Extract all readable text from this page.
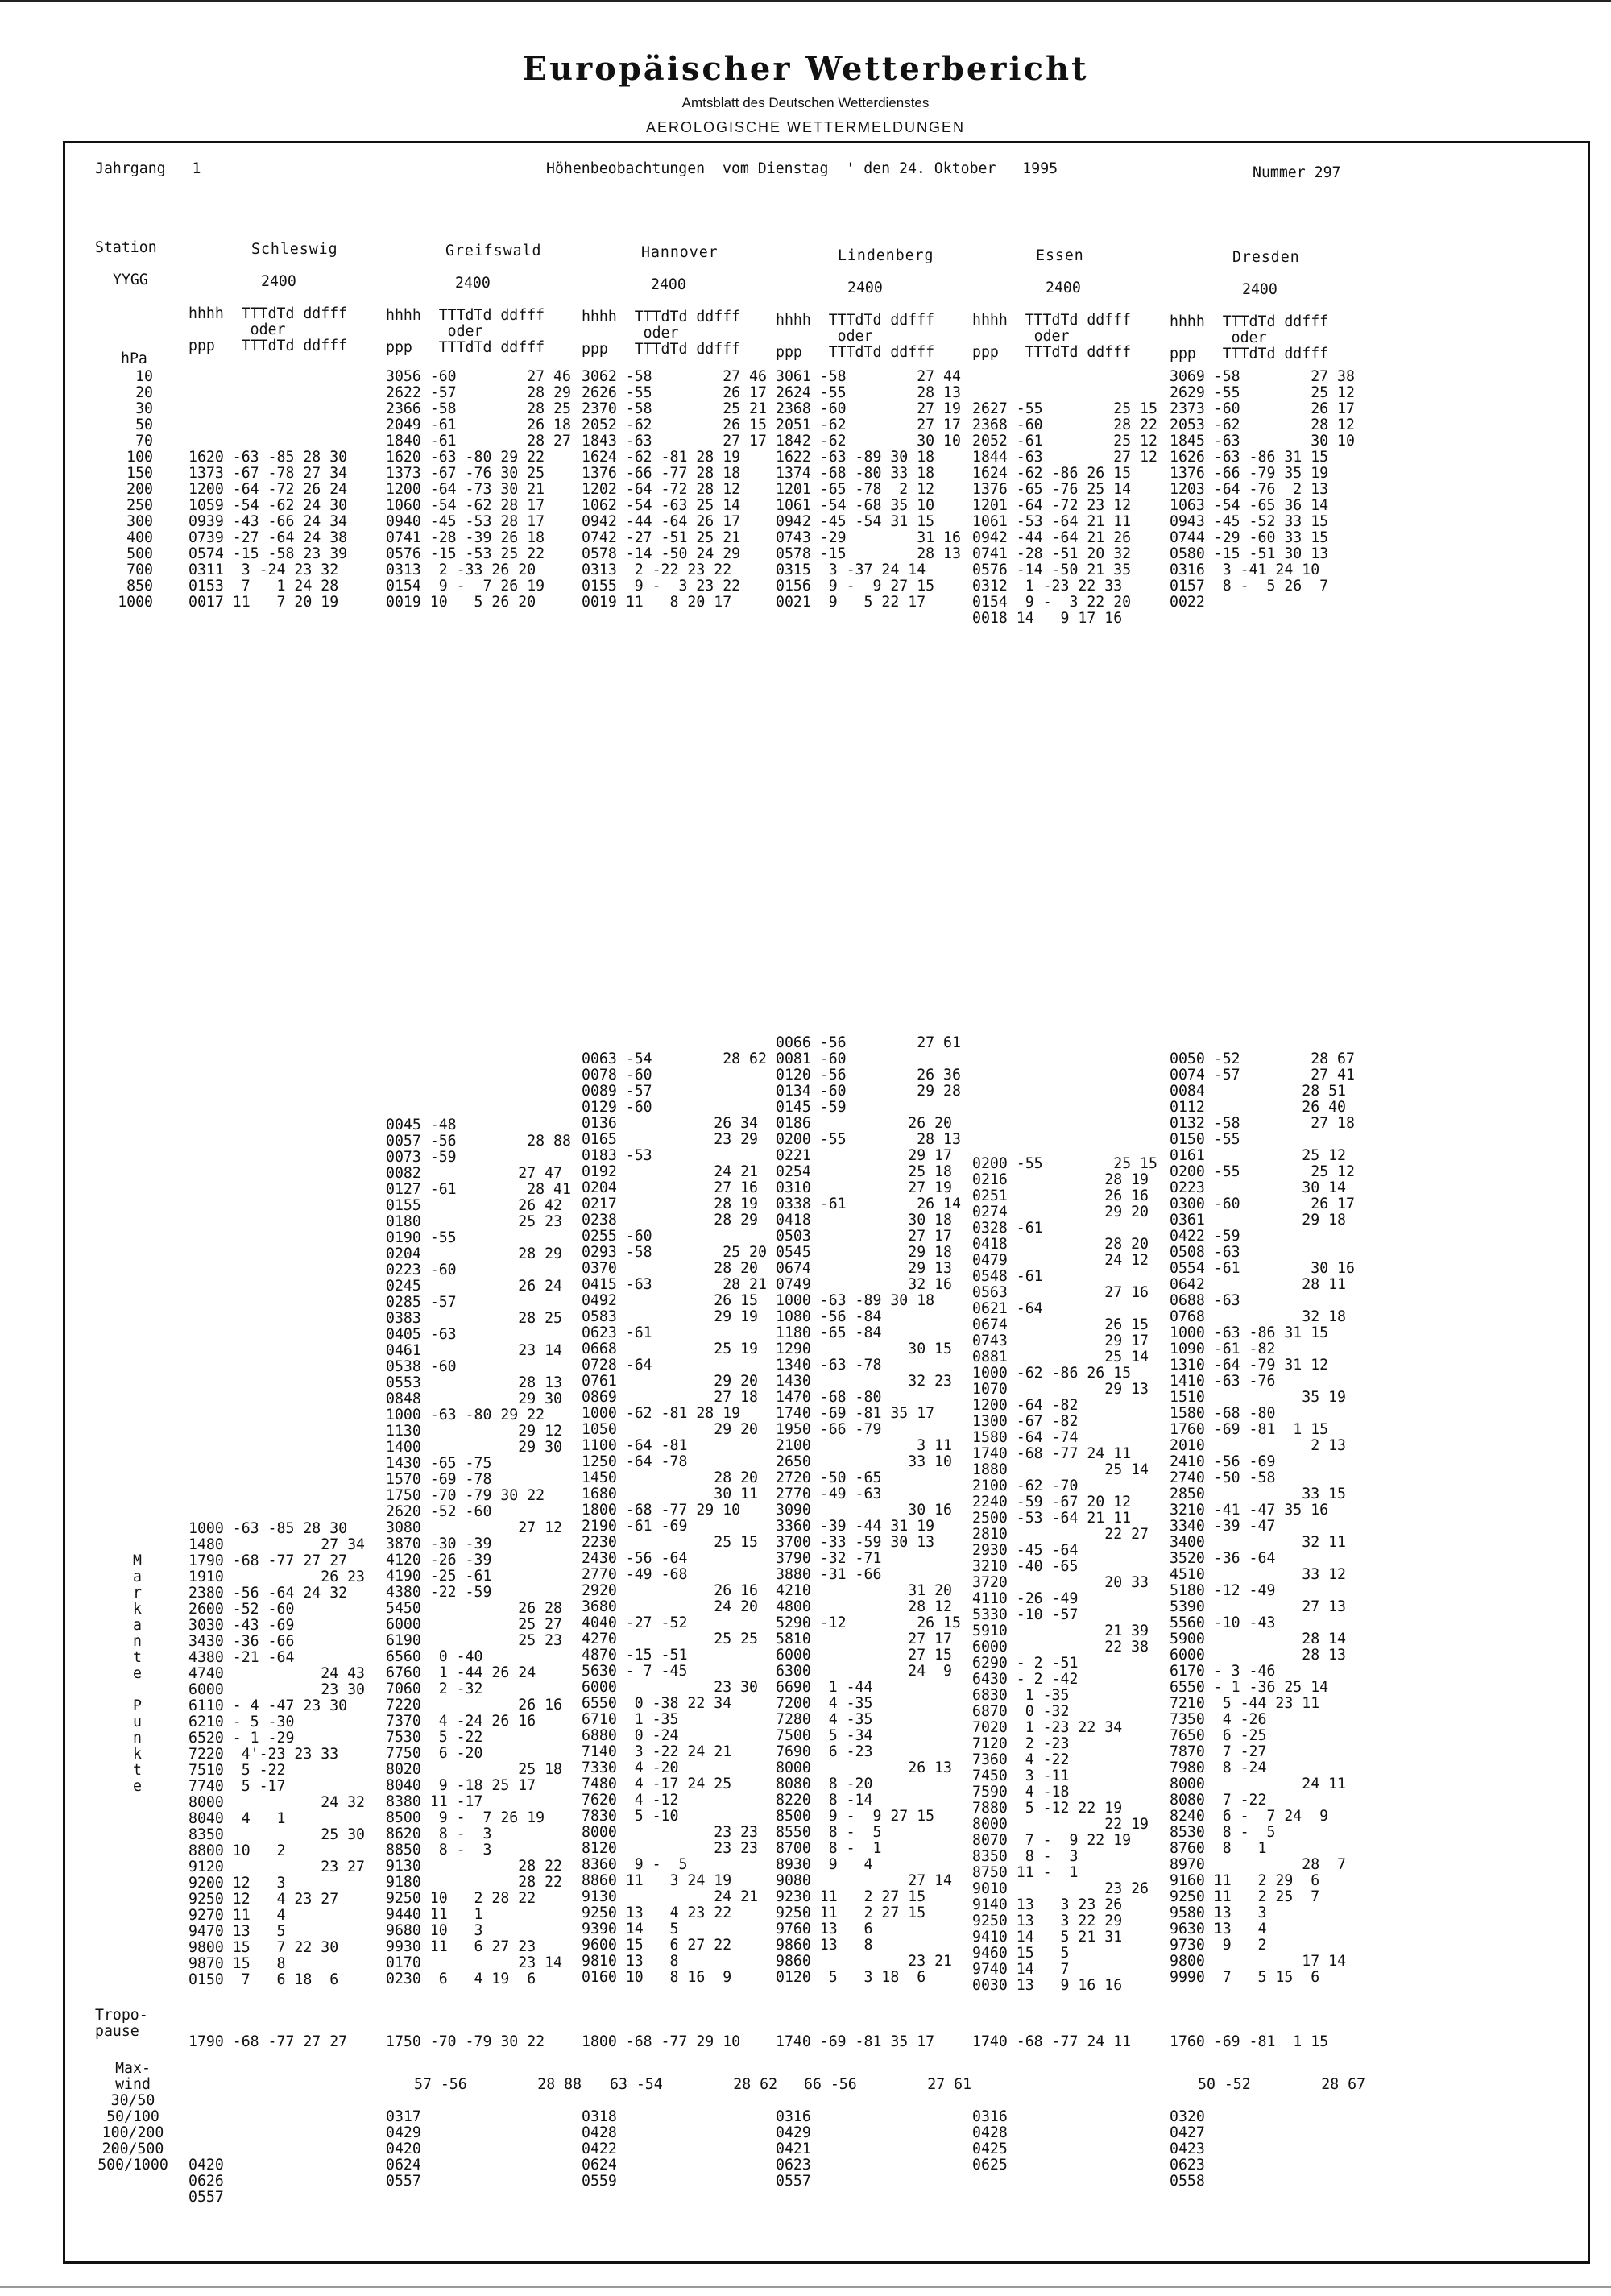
Europäischer Wetterbericht
Amtsblatt des Deutschen Wetterdienstes
AEROLOGISCHE WETTERMELDUNGEN
Jahrgang   1	Höhenbeobachtungen  vom Dienstag  ' den 24. Oktober   1995	Nummer 297
Station
YYGG
hPa
10
20
30
50
70
100
150
200
250
300
400
500
700
850
1000
M
a
r
k
a
n
t
e
P
u
n
k
t
e
Tropo-
pause
Max-
wind
30/50
50/100
100/200
200/500
500/1000
Schleswig
2400
hhhh  TTTdTd ddfff
oder
ppp   TTTdTd ddfff
1620 -63 -85 28 30
1373 -67 -78 27 34
1200 -64 -72 26 24
1059 -54 -62 24 30
0939 -43 -66 24 34
0739 -27 -64 24 38
0574 -15 -58 23 39
0311  3 -24 23 32
0153  7   1 24 28
0017 11   7 20 19
1000 -63 -85 28 30
1480           27 34
1790 -68 -77 27 27
1910           26 23
2380 -56 -64 24 32
2600 -52 -60
3030 -43 -69
3430 -36 -66
4380 -21 -64
4740           24 43
6000           23 30
6110 - 4 -47 23 30
6210 - 5 -30
6520 - 1 -29
7220  4'-23 23 33
7510  5 -22
7740  5 -17
8000           24 32
8040  4   1
8350           25 30
8800 10   2
9120           23 27
9200 12   3
9250 12   4 23 27
9270 11   4
9470 13   5
9800 15   7 22 30
9870 15   8
0150  7   6 18  6
1790 -68 -77 27 27
0420
0626
0557
Greifswald
2400
hhhh  TTTdTd ddfff
oder
ppp   TTTdTd ddfff
3056 -60        27 46
2622 -57        28 29
2366 -58        28 25
2049 -61        26 18
1840 -61        28 27
1620 -63 -80 29 22
1373 -67 -76 30 25
1200 -64 -73 30 21
1060 -54 -62 28 17
0940 -45 -53 28 17
0741 -28 -39 26 18
0576 -15 -53 25 22
0313  2 -33 26 20
0154  9 -  7 26 19
0019 10   5 26 20
0045 -48
0057 -56        28 88
0073 -59
0082           27 47
0127 -61        28 41
0155           26 42
0180           25 23
0190 -55
0204           28 29
0223 -60
0245           26 24
0285 -57
0383           28 25
0405 -63
0461           23 14
0538 -60
0553           28 13
0848           29 30
1000 -63 -80 29 22
1130           29 12
1400           29 30
1430 -65 -75
1570 -69 -78
1750 -70 -79 30 22
2620 -52 -60
3080           27 12
3870 -30 -39
4120 -26 -39
4190 -25 -61
4380 -22 -59
5450           26 28
6000           25 27
6190           25 23
6560  0 -40
6760  1 -44 26 24
7060  2 -32
7220           26 16
7370  4 -24 26 16
7530  5 -22
7750  6 -20
8020           25 18
8040  9 -18 25 17
8380 11 -17
8500  9 -  7 26 19
8620  8 -  3
8850  8 -  3
9130           28 22
9180           28 22
9250 10   2 28 22
9440 11   1
9680 10   3
9930 11   6 27 23
0170           23 14
0230  6   4 19  6
1750 -70 -79 30 22
57 -56        28 88
0317
0429
0420
0624
0557
Hannover
2400
hhhh  TTTdTd ddfff
oder
ppp   TTTdTd ddfff
3062 -58        27 46
2626 -55        26 17
2370 -58        25 21
2052 -62        26 15
1843 -63        27 17
1624 -62 -81 28 19
1376 -66 -77 28 18
1202 -64 -72 28 12
1062 -54 -63 25 14
0942 -44 -64 26 17
0742 -27 -51 25 21
0578 -14 -50 24 29
0313  2 -22 23 22
0155  9 -  3 23 22
0019 11   8 20 17
0063 -54        28 62
0078 -60
0089 -57
0129 -60
0136           26 34
0165           23 29
0183 -53
0192           24 21
0204           27 16
0217           28 19
0238           28 29
0255 -60
0293 -58        25 20
0370           28 20
0415 -63        28 21
0492           26 15
0583           29 19
0623 -61
0668           25 19
0728 -64
0761           29 20
0869           27 18
1000 -62 -81 28 19
1050           29 20
1100 -64 -81
1250 -64 -78
1450           28 20
1680           30 11
1800 -68 -77 29 10
2190 -61 -69
2230           25 15
2430 -56 -64
2770 -49 -68
2920           26 16
3680           24 20
4040 -27 -52
4270           25 25
4870 -15 -51
5630 - 7 -45
6000           23 30
6550  0 -38 22 34
6710  1 -35
6880  0 -24
7140  3 -22 24 21
7330  4 -20
7480  4 -17 24 25
7620  4 -12
7830  5 -10
8000           23 23
8120           23 23
8360  9 -  5
8860 11   3 24 19
9130           24 21
9250 13   4 23 22
9390 14   5
9600 15   6 27 22
9810 13   8
0160 10   8 16  9
1800 -68 -77 29 10
63 -54        28 62
0318
0428
0422
0624
0559
Lindenberg
2400
hhhh  TTTdTd ddfff
oder
ppp   TTTdTd ddfff
3061 -58        27 44
2624 -55        28 13
2368 -60        27 19
2051 -62        27 17
1842 -62        30 10
1622 -63 -89 30 18
1374 -68 -80 33 18
1201 -65 -78  2 12
1061 -54 -68 35 10
0942 -45 -54 31 15
0743 -29        31 16
0578 -15        28 13
0315  3 -37 24 14
0156  9 -  9 27 15
0021  9   5 22 17
0066 -56        27 61
0081 -60
0120 -56        26 36
0134 -60        29 28
0145 -59
0186           26 20
0200 -55        28 13
0221           29 17
0254           25 18
0310           27 19
0338 -61        26 14
0418           30 18
0503           27 17
0545           29 18
0674           29 13
0749           32 16
1000 -63 -89 30 18
1080 -56 -84
1180 -65 -84
1290           30 15
1340 -63 -78
1430           32 23
1470 -68 -80
1740 -69 -81 35 17
1950 -66 -79
2100            3 11
2650           33 10
2720 -50 -65
2770 -49 -63
3090           30 16
3360 -39 -44 31 19
3700 -33 -59 30 13
3790 -32 -71
3880 -31 -66
4210           31 20
4800           28 12
5290 -12        26 15
5810           27 17
6000           27 15
6300           24  9
6690  1 -44
7200  4 -35
7280  4 -35
7500  5 -34
7690  6 -23
8000           26 13
8080  8 -20
8220  8 -14
8500  9 -  9 27 15
8550  8 -  5
8700  8 -  1
8930  9   4
9080           27 14
9230 11   2 27 15
9250 11   2 27 15
9760 13   6
9860 13   8
9860           23 21
0120  5   3 18  6
1740 -69 -81 35 17
66 -56        27 61
0316
0429
0421
0623
0557
Essen
2400
hhhh  TTTdTd ddfff
oder
ppp   TTTdTd ddfff
2627 -55        25 15
2368 -60        28 22
2052 -61        25 12
1844 -63        27 12
1624 -62 -86 26 15
1376 -65 -76 25 14
1201 -64 -72 23 12
1061 -53 -64 21 11
0942 -44 -64 21 26
0741 -28 -51 20 32
0576 -14 -50 21 35
0312  1 -23 22 33
0154  9 -  3 22 20
0018 14   9 17 16
0200 -55        25 15
0216           28 19
0251           26 16
0274           29 20
0328 -61
0418           28 20
0479           24 12
0548 -61
0563           27 16
0621 -64
0674           26 15
0743           29 17
0881           25 14
1000 -62 -86 26 15
1070           29 13
1200 -64 -82
1300 -67 -82
1580 -64 -74
1740 -68 -77 24 11
1880           25 14
2100 -62 -70
2240 -59 -67 20 12
2500 -53 -64 21 11
2810           22 27
2930 -45 -64
3210 -40 -65
3720           20 33
4110 -26 -49
5330 -10 -57
5910           21 39
6000           22 38
6290 - 2 -51
6430 - 2 -42
6830  1 -35
6870  0 -32
7020  1 -23 22 34
7120  2 -23
7360  4 -22
7450  3 -11
7590  4 -18
7880  5 -12 22 19
8000           22 19
8070  7 -  9 22 19
8350  8 -  3
8750 11 -  1
9010           23 26
9140 13   3 23 26
9250 13   3 22 29
9410 14   5 21 31
9460 15   5
9740 14   7
0030 13   9 16 16
1740 -68 -77 24 11
0316
0428
0425
0625
Dresden
2400
hhhh  TTTdTd ddfff
oder
ppp   TTTdTd ddfff
3069 -58        27 38
2629 -55        25 12
2373 -60        26 17
2053 -62        28 12
1845 -63        30 10
1626 -63 -86 31 15
1376 -66 -79 35 19
1203 -64 -76  2 13
1063 -54 -65 36 14
0943 -45 -52 33 15
0744 -29 -60 33 15
0580 -15 -51 30 13
0316  3 -41 24 10
0157  8 -  5 26  7
0022
0050 -52        28 67
0074 -57        27 41
0084           28 51
0112           26 40
0132 -58        27 18
0150 -55
0161           25 12
0200 -55        25 12
0223           30 14
0300 -60        26 17
0361           29 18
0422 -59
0508 -63
0554 -61        30 16
0642           28 11
0688 -63
0768           32 18
1000 -63 -86 31 15
1090 -61 -82
1310 -64 -79 31 12
1410 -63 -76
1510           35 19
1580 -68 -80
1760 -69 -81  1 15
2010            2 13
2410 -56 -69
2740 -50 -58
2850           33 15
3210 -41 -47 35 16
3340 -39 -47
3400           32 11
3520 -36 -64
4510           33 12
5180 -12 -49
5390           27 13
5560 -10 -43
5900           28 14
6000           28 13
6170 - 3 -46
6550 - 1 -36 25 14
7210  5 -44 23 11
7350  4 -26
7650  6 -25
7870  7 -27
7980  8 -24
8000           24 11
8080  7 -22
8240  6 -  7 24  9
8530  8 -  5
8760  8   1
8970           28  7
9160 11   2 29  6
9250 11   2 25  7
9580 13   3
9630 13   4
9730  9   2
9800           17 14
9990  7   5 15  6
1760 -69 -81  1 15
50 -52        28 67
0320
0427
0423
0623
0558
